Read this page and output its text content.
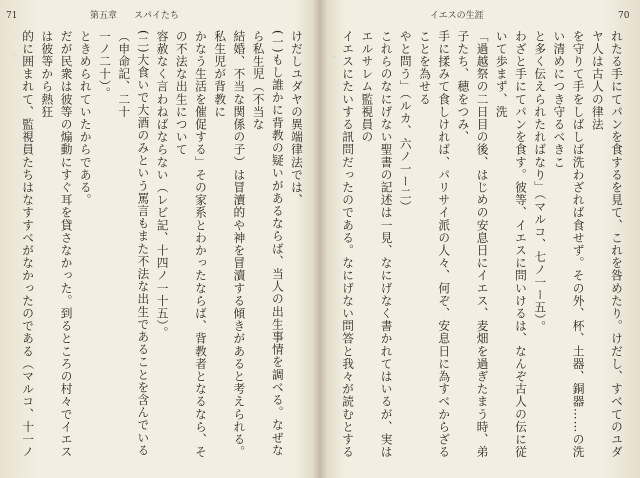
71	第五章 スパイたち

けだしユダヤの異端律法では、

(一)もし誰かに背教の疑いがあるならば、当人の出生事情を調べる。なぜなら私生児（不当な

結婚、不当な関係の子）は冒瀆的や神を冒瀆する傾きがあると考えられる。私生児が背教に

かなう生活を催促する」その家系とわかったならば、背教者となるなら、その不法な出生について

容赦なく言わねばならない（レビ記、十四ノ一十五）。

(二)大食いで大酒のみという罵言もまた不法な出生であることを含んでいる（申命記、二十

一ノ二十）。

ときめられていたからである。

だが民衆は彼等の煽動にすぐ耳を貸さなかった。到るところの村々でイエスは彼等から熱狂

的に囲まれて、監視員たちはなすすべがなかったのである（マルコ、十一ノ

イエスの生涯	70

れたる手にてパンを食するを見て、これを咎めたり。けだし、すべてのユダヤ人は古人の律法

を守りて手をしばしば洗わざれば食せず。その外、杯、土器、銅器……の洗い清めにつき守るべきこ

と多く伝えられたればなり」（マルコ、七ノ一ー五）。

わざと手にてパンを食す。彼等、イエスに問いけるは、なんぞ古人の伝に従いて歩まず、洗

「過越祭の二日目の後、はじめの安息日にイエス、麦畑を過ぎたまう時、弟子たち、穂をつみ、

手に揉みて食しければ、パリサイ派の人々、何ぞ、安息日に為すべからざることを為せる

やと問う」（ルカ、六ノ一ー二）

これらのなにげない聖書の記述は一見、なにげなく書かれてはいるが、実はエルサレム監視員の

イエスにたいする訊問だったのである。なにげない問答と我々が読むとする
